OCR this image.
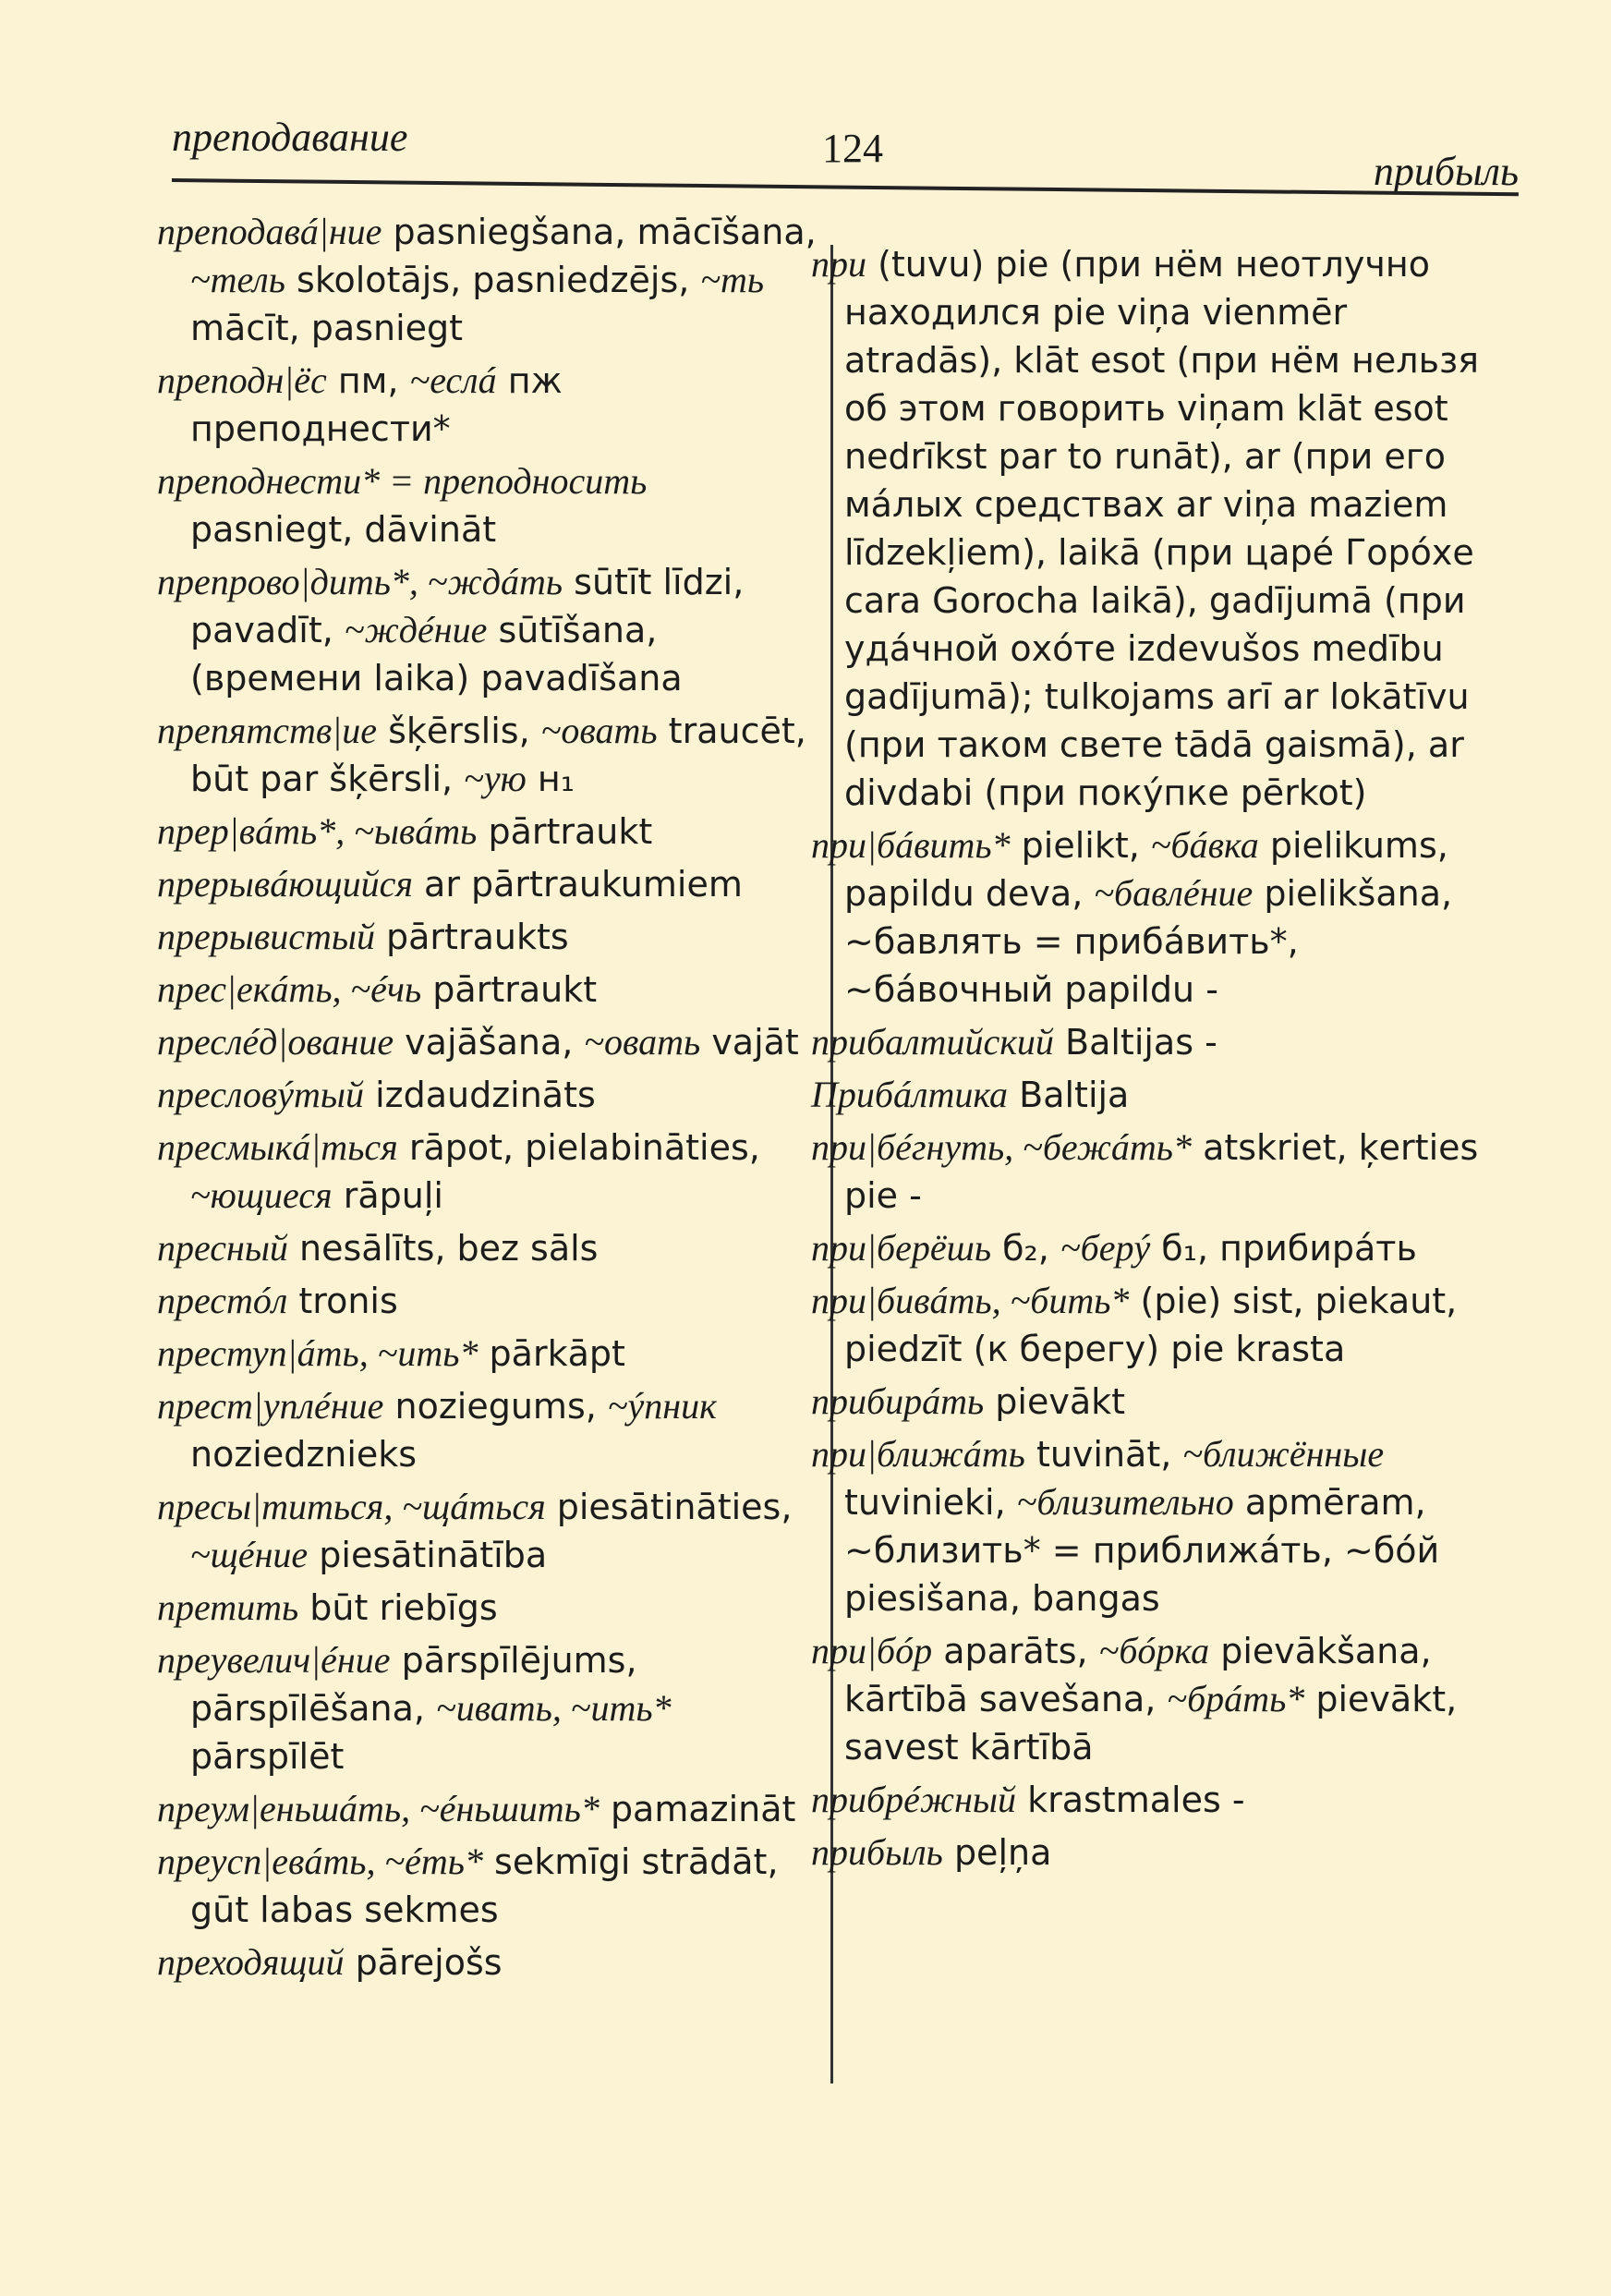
преподавание	124
прибыль

преподавá|ние pasniegšana, mācīšana, ~тель skolotājs, pasniedzējs, ~ть mācīt, pasniegt

преподн|ёс пм, ~еслá пж преподнести*

преподнести* = преподносить pasniegt, dāvināt

препрово|дить*, ~ждáть sūtīt līdzi, pavadīt, ~ждéние sūtīšana, (времени laika) pavadīšana

препятств|ие šķērslis, ~овать traucēt, būt par šķērsli, ~ую н₁

прер|вáть*, ~ывáть pārtraukt

прерывáющийся ar pārtraukumiem

прерывистый pārtraukts

прес|екáть, ~éчь pārtraukt

преслéд|ование vajāšana, ~овать vajāt

пресловýтый izdaudzināts

пресмыкá|ться rāpot, pielabināties, ~ющиеся rāpuļi

пресный nesālīts, bez sāls

престóл tronis

преступ|áть, ~ить* pārkāpt

прест|уплéние noziegums, ~ýпник noziedznieks

пресы|титься, ~щáться piesātināties, ~щéние piesātinātība

претить būt riebīgs

преувелич|éние pārspīlējums, pārspīlēšana, ~ивать, ~ить* pārspīlēt

преум|еньшáть, ~éньшить* pamazināt

преусп|евáть, ~éть* sekmīgi strādāt, gūt labas sekmes

преходящий pārejošs

при (tuvu) pie (при нём неотлучно находился pie viņa vienmēr atradās), klāt esot (при нём нельзя об этом говорить viņam klāt esot nedrīkst par to runāt), ar (при его мáлых средствах ar viņa maziem līdzekļiem), laikā (при царé Горóхе cara Gorocha laikā), gadījumā (при удáчной охóте izdevušos medību gadījumā); tulkojams arī ar lokātīvu (при таком свете tādā gaismā), ar divdabi (при покýпке pērkot)

при|бáвить* pielikt, ~бáвка pielikums, papildu deva, ~бавлéние pielikšana, ~бавлять = прибáвить*, ~бáвочный papildu -

прибалтийский Baltijas -

Прибáлтика Baltija

при|бéгнуть, ~бежáть* atskriet, ķerties pie -

при|берёшь б₂, ~берý б₁, прибирáть

при|бивáть, ~бить* (pie) sist, piekaut, piedzīt (к берегу) pie krasta

прибирáть pievākt

при|ближáть tuvināt, ~ближённые tuvinieki, ~близительно apmēram, ~близить* = приближáть, ~бóй piesišana, bangas

при|бóр aparāts, ~бóрка pievākšana, kārtībā savešana, ~брáть* pievākt, savest kārtībā

прибрéжный krastmales -

прибыль peļņa
